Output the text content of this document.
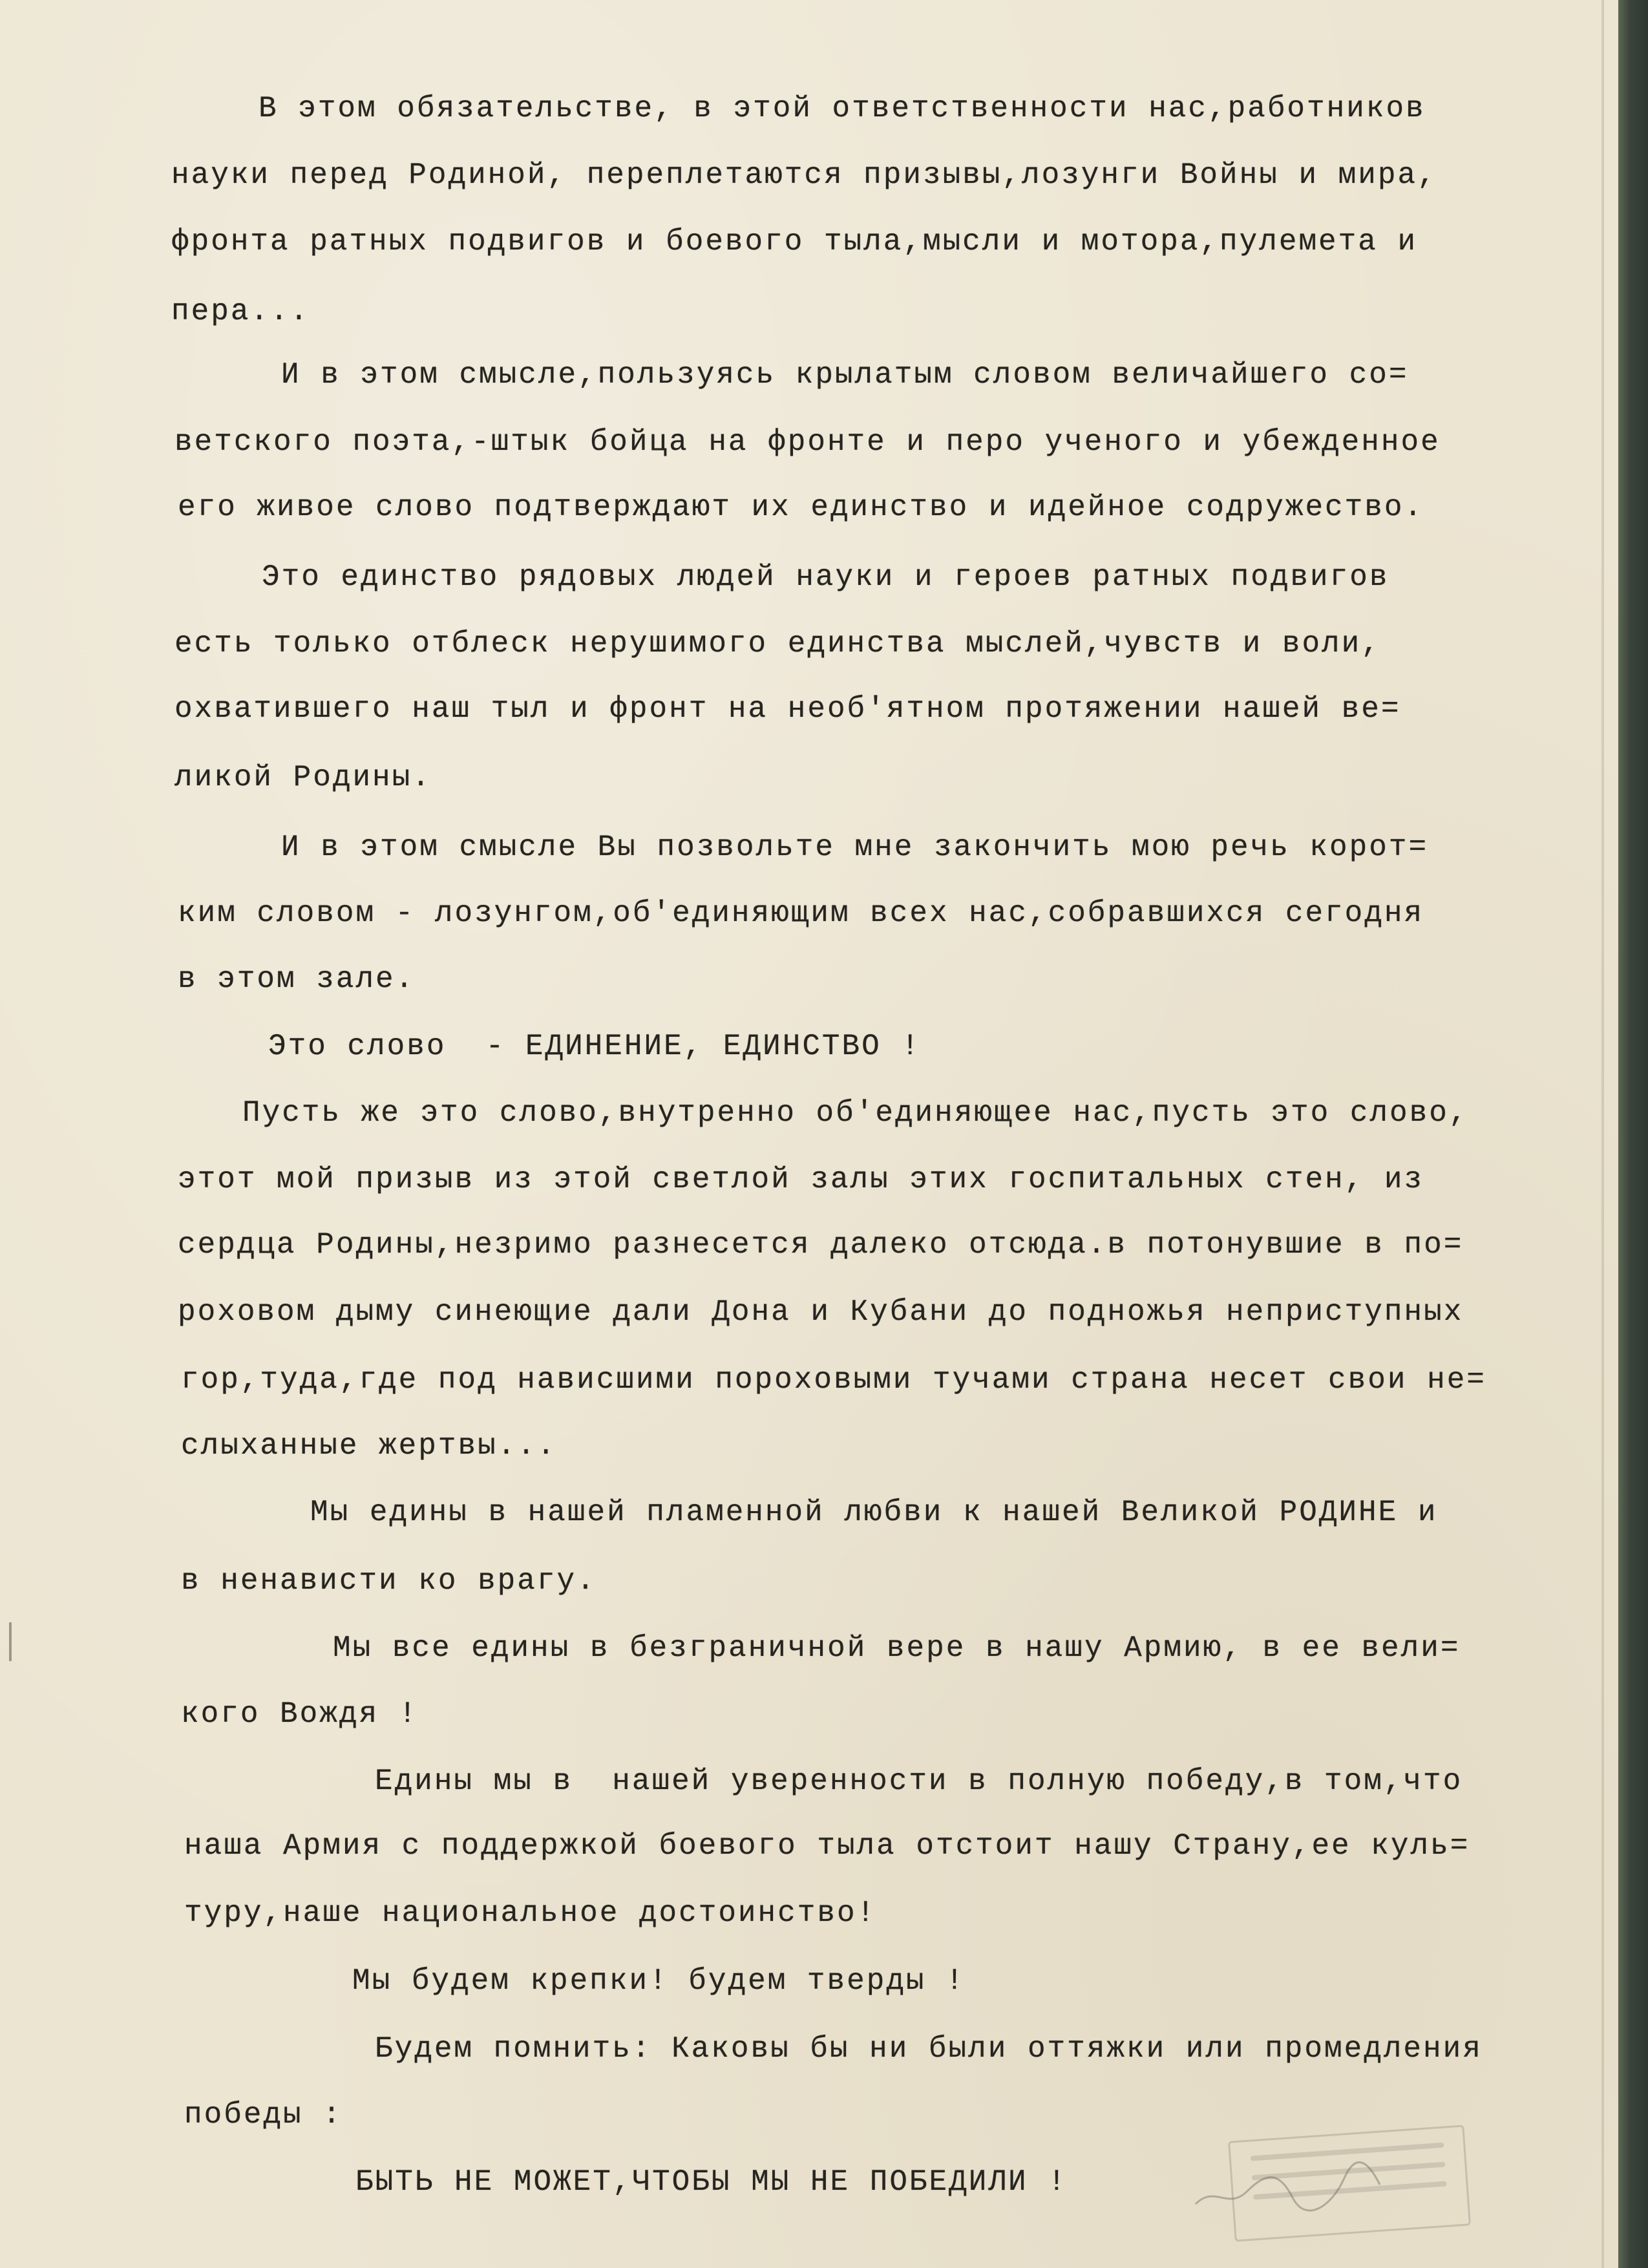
В этом обязательстве, в этой ответственности нас,работников
науки перед Родиной, переплетаются призывы,лозунги Войны и мира,
фронта ратных подвигов и боевого тыла,мысли и мотора,пулемета и
пера...
И в этом смысле,пользуясь крылатым словом величайшего со=
ветского поэта,-штык бойца на фронте и перо ученого и убежденное
его живое слово подтверждают их единство и идейное содружество.
Это единство рядовых людей науки и героев ратных подвигов
есть только отблеск нерушимого единства мыслей,чувств и воли,
охватившего наш тыл и фронт на необ'ятном протяжении нашей ве=
ликой Родины.
И в этом смысле Вы позвольте мне закончить мою речь корот=
ким словом - лозунгом,об'единяющим всех нас,собравшихся сегодня
в этом зале.
Это слово  - ЕДИНЕНИЕ, ЕДИНСТВО !
Пусть же это слово,внутренно об'единяющее нас,пусть это слово,
этот мой призыв из этой светлой залы этих госпитальных стен, из
сердца Родины,незримо разнесется далеко отсюда.в потонувшие в по=
роховом дыму синеющие дали Дона и Кубани до подножья неприступных
гор,туда,где под нависшими пороховыми тучами страна несет свои не=
слыханные жертвы...
Мы едины в нашей пламенной любви к нашей Великой РОДИНЕ и
в ненависти ко врагу.
Мы все едины в безграничной вере в нашу Армию, в ее вели=
кого Вождя !
Едины мы в  нашей уверенности в полную победу,в том,что
наша Армия с поддержкой боевого тыла отстоит нашу Страну,ее куль=
туру,наше национальное достоинство!
Мы будем крепки! будем тверды !
Будем помнить: Каковы бы ни были оттяжки или промедления
победы :
БЫТЬ НЕ МОЖЕТ,ЧТОБЫ МЫ НЕ ПОБЕДИЛИ !
